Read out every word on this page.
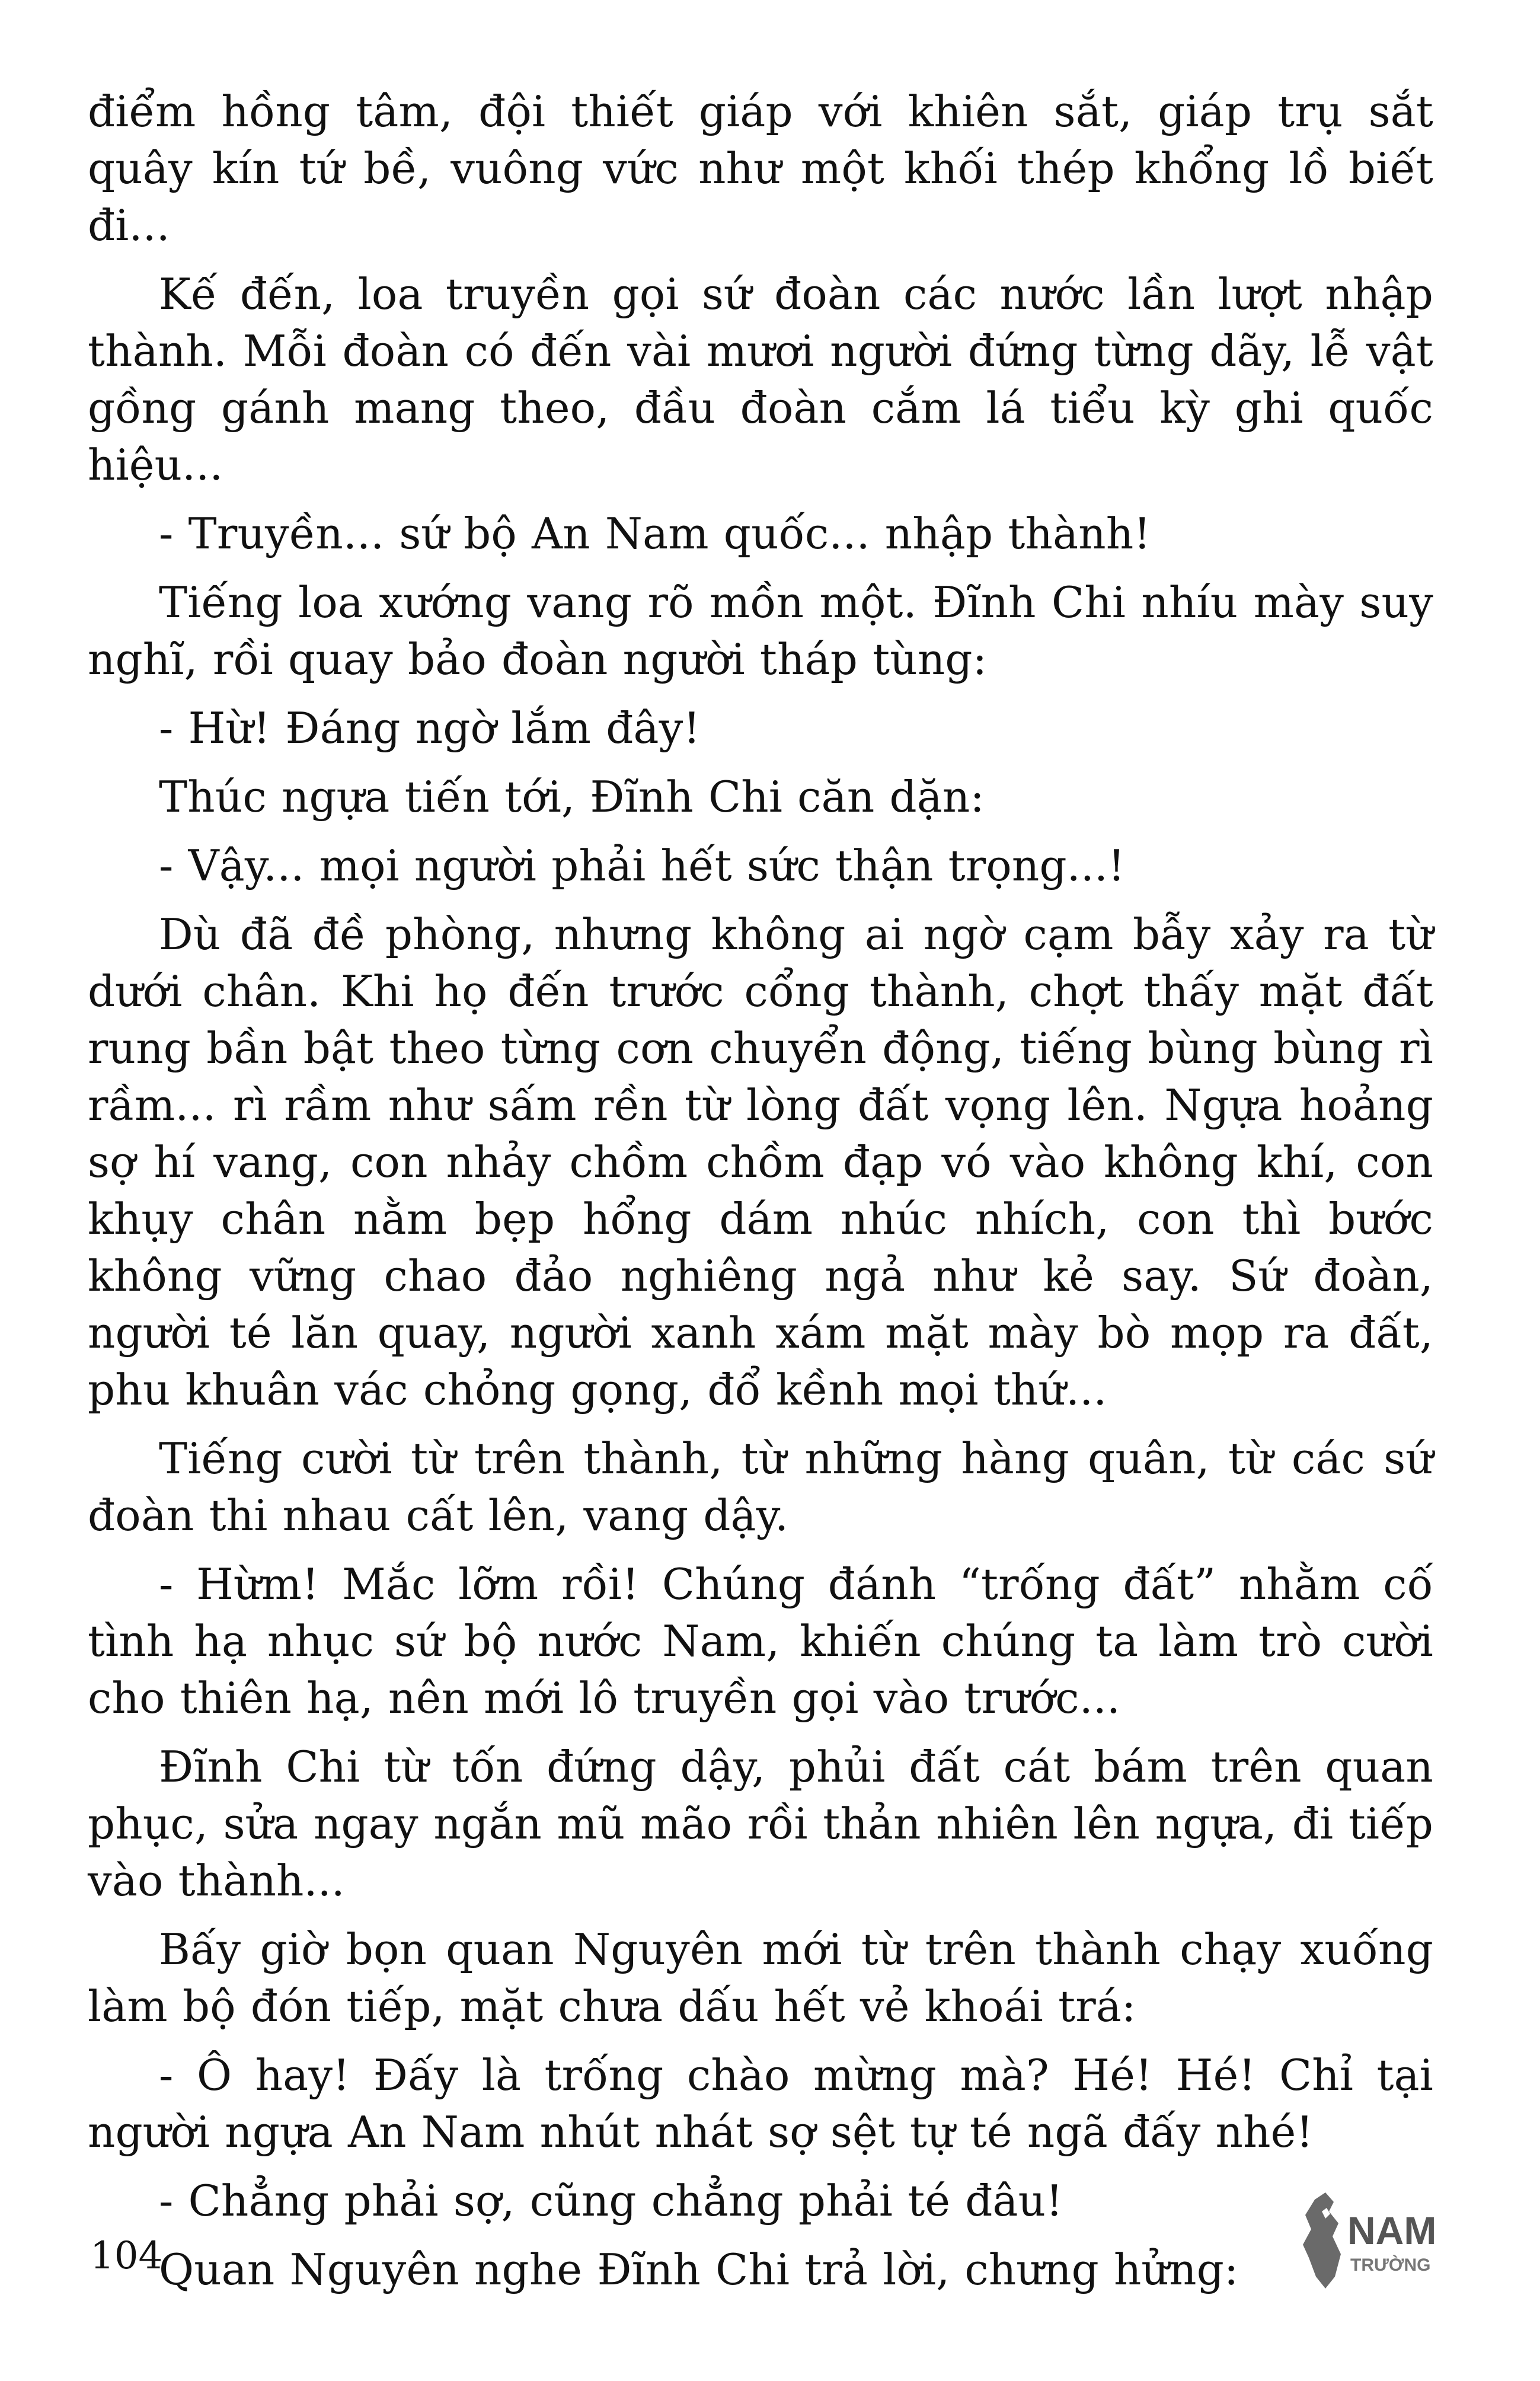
điểm hồng tâm, đội thiết giáp với khiên sắt, giáp trụ sắt quây kín tứ bề, vuông vức như một khối thép khổng lồ biết đi...

Kế đến, loa truyền gọi sứ đoàn các nước lần lượt nhập thành. Mỗi đoàn có đến vài mươi người đứng từng dãy, lễ vật gồng gánh mang theo, đầu đoàn cắm lá tiểu kỳ ghi quốc hiệu...

- Truyền... sứ bộ An Nam quốc... nhập thành!

Tiếng loa xướng vang rõ mồn một. Đĩnh Chi nhíu mày suy nghĩ, rồi quay bảo đoàn người tháp tùng:

- Hừ! Đáng ngờ lắm đây!

Thúc ngựa tiến tới, Đĩnh Chi căn dặn:

- Vậy... mọi người phải hết sức thận trọng...!

Dù đã đề phòng, nhưng không ai ngờ cạm bẫy xảy ra từ dưới chân. Khi họ đến trước cổng thành, chợt thấy mặt đất rung bần bật theo từng cơn chuyển động, tiếng bùng bùng rì rầm... rì rầm như sấm rền từ lòng đất vọng lên. Ngựa hoảng sợ hí vang, con nhảy chồm chồm đạp vó vào không khí, con khụy chân nằm bẹp hổng dám nhúc nhích, con thì bước không vững chao đảo nghiêng ngả như kẻ say. Sứ đoàn, người té lăn quay, người xanh xám mặt mày bò mọp ra đất, phu khuân vác chỏng gọng, đổ kềnh mọi thứ...

Tiếng cười từ trên thành, từ những hàng quân, từ các sứ đoàn thi nhau cất lên, vang dậy.

- Hừm! Mắc lỡm rồi! Chúng đánh “trống đất” nhằm cố tình hạ nhục sứ bộ nước Nam, khiến chúng ta làm trò cười cho thiên hạ, nên mới lô truyền gọi vào trước...

Đĩnh Chi từ tốn đứng dậy, phủi đất cát bám trên quan phục, sửa ngay ngắn mũ mão rồi thản nhiên lên ngựa, đi tiếp vào thành...

Bấy giờ bọn quan Nguyên mới từ trên thành chạy xuống làm bộ đón tiếp, mặt chưa dấu hết vẻ khoái trá:

- Ô hay! Đấy là trống chào mừng mà? Hé! Hé! Chỉ tại người ngựa An Nam nhút nhát sợ sệt tự té ngã đấy nhé!

- Chẳng phải sợ, cũng chẳng phải té đâu!

Quan Nguyên nghe Đĩnh Chi trả lời, chưng hửng:

104
NAM
TRƯỜNG
